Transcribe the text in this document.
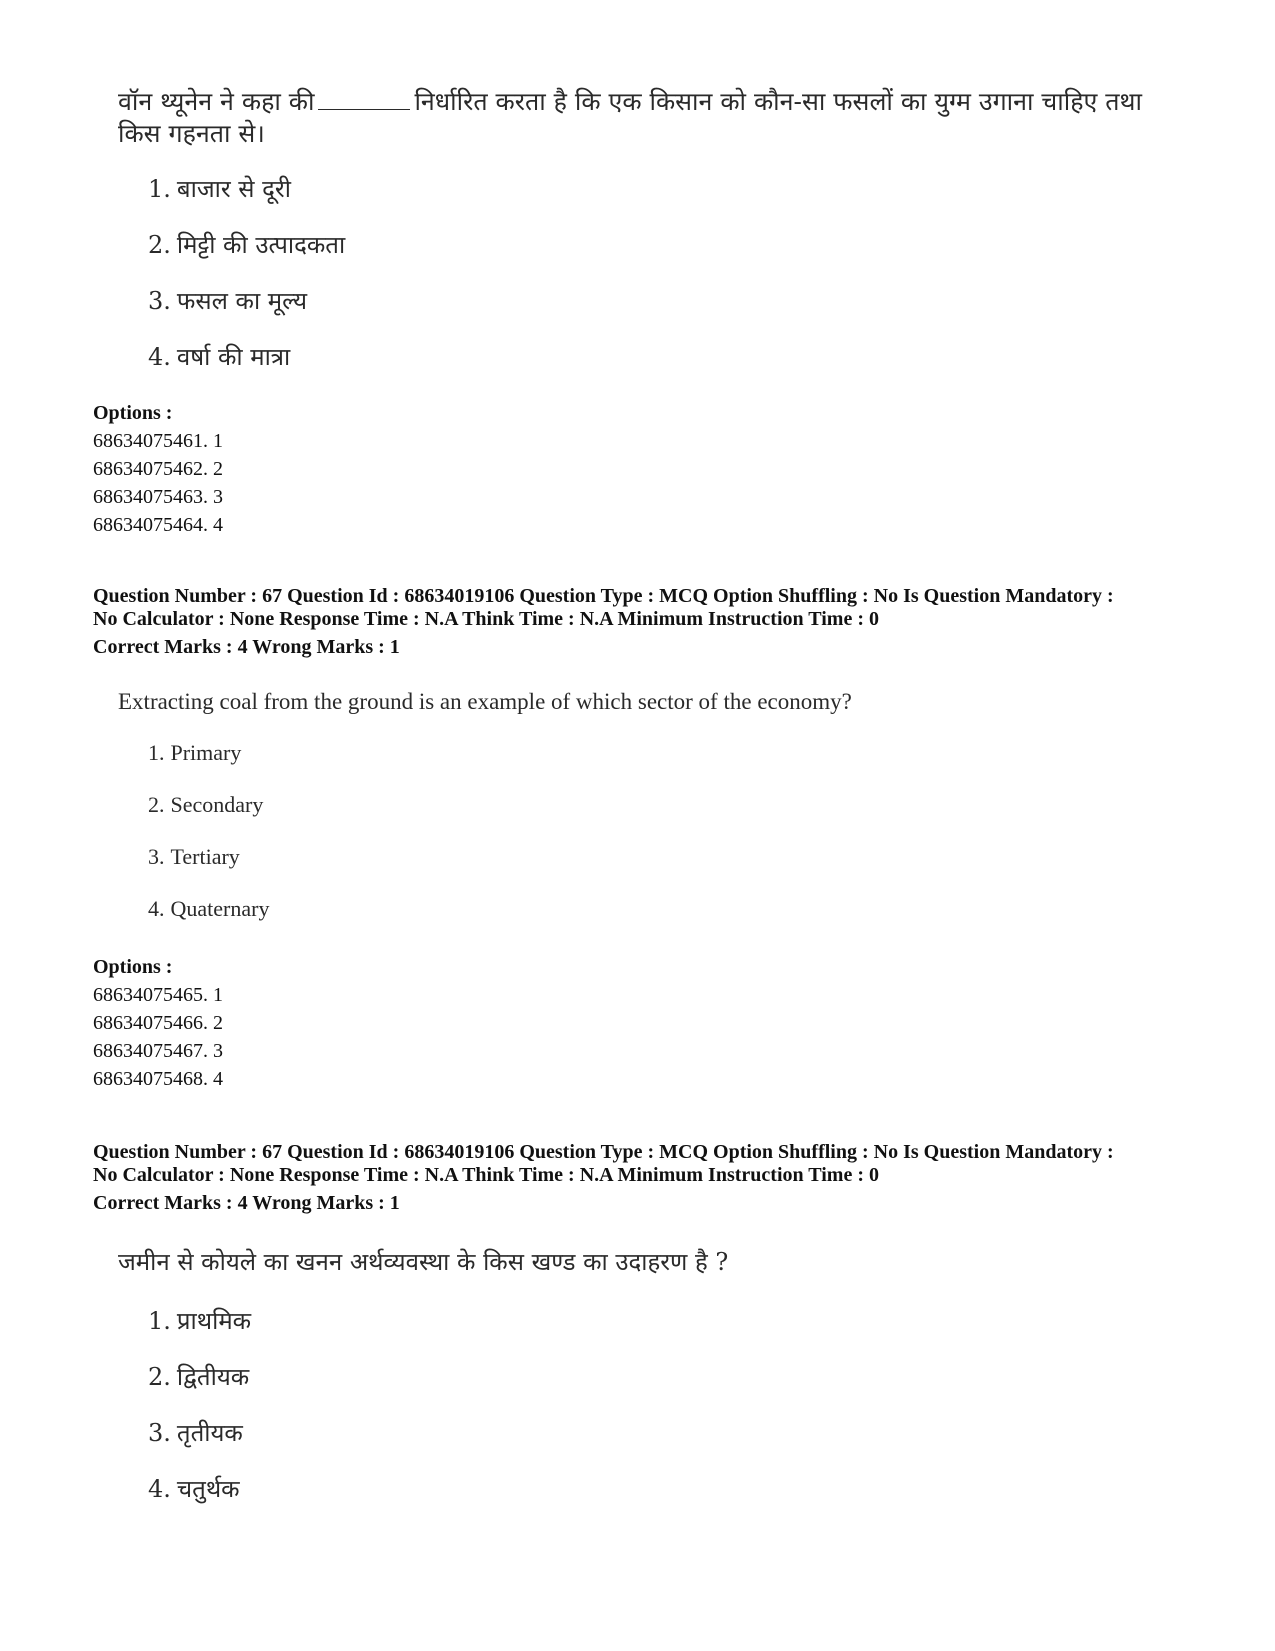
वॉन थ्यूनेन ने कहा की	निर्धारित करता है कि एक किसान को कौन-सा फसलों का युग्म उगाना चाहिए तथा
किस गहनता से।
1. बाजार से दूरी
2. मिट्टी की उत्पादकता
3. फसल का मूल्य
4. वर्षा की मात्रा
Options :
68634075461. 1
68634075462. 2
68634075463. 3
68634075464. 4
Question Number : 67 Question Id : 68634019106 Question Type : MCQ Option Shuffling : No Is Question Mandatory :
No Calculator : None Response Time : N.A Think Time : N.A Minimum Instruction Time : 0
Correct Marks : 4 Wrong Marks : 1
Extracting coal from the ground is an example of which sector of the economy?
1. Primary
2. Secondary
3. Tertiary
4. Quaternary
Options :
68634075465. 1
68634075466. 2
68634075467. 3
68634075468. 4
Question Number : 67 Question Id : 68634019106 Question Type : MCQ Option Shuffling : No Is Question Mandatory :
No Calculator : None Response Time : N.A Think Time : N.A Minimum Instruction Time : 0
Correct Marks : 4 Wrong Marks : 1
जमीन से कोयले का खनन अर्थव्यवस्था के किस खण्ड का उदाहरण है ?
1. प्राथमिक
2. द्वितीयक
3. तृतीयक
4. चतुर्थक
